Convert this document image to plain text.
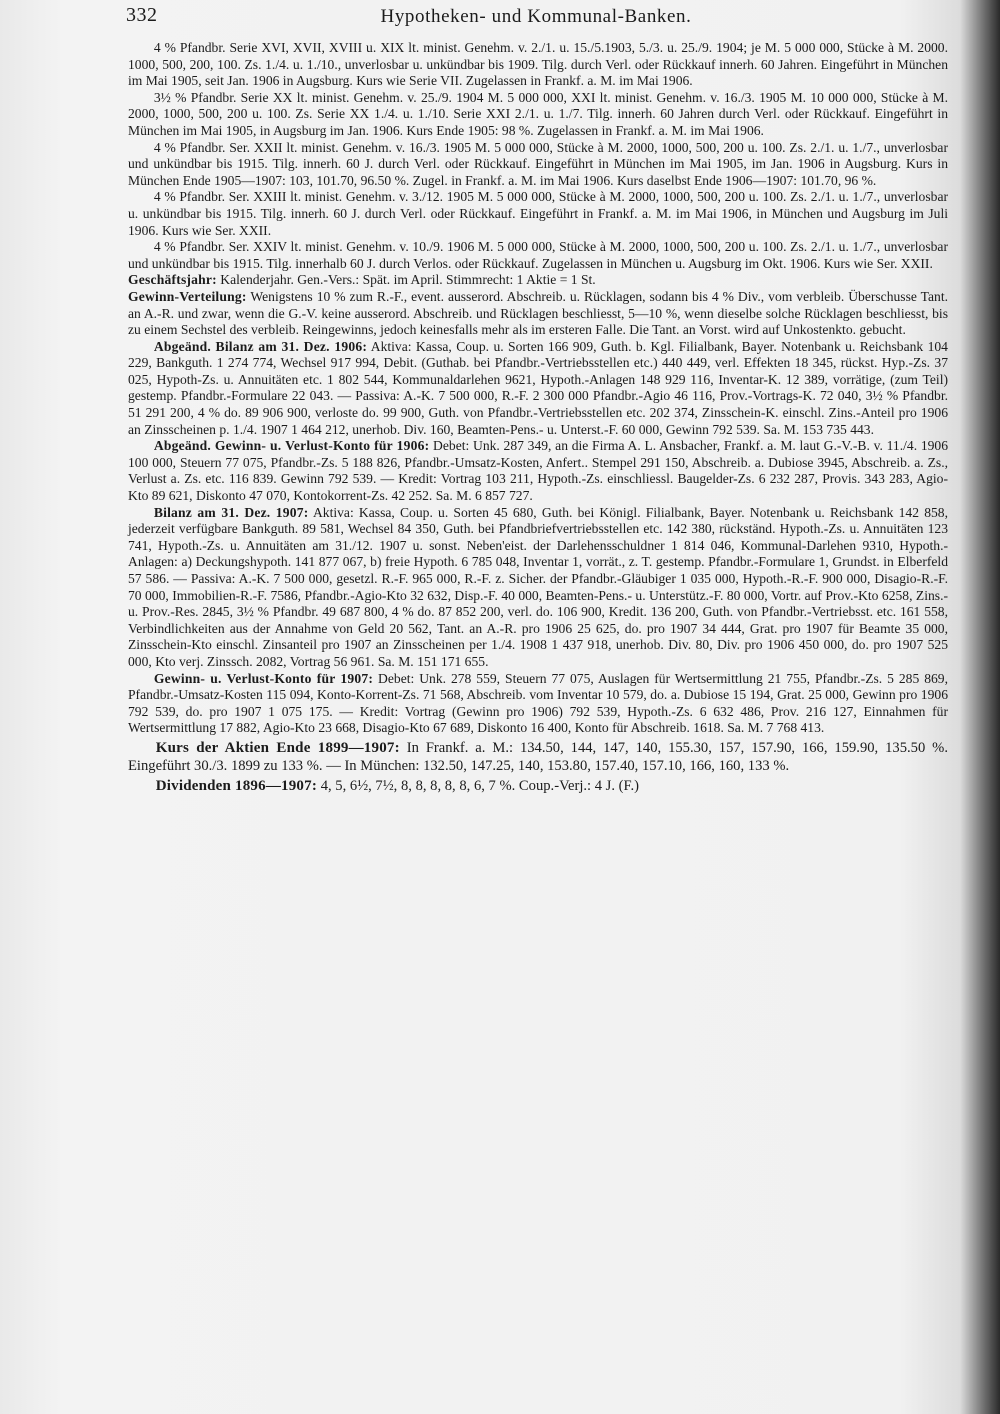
332	Hypotheken- und Kommunal-Banken.

4 % Pfandbr. Serie XVI, XVII, XVIII u. XIX lt. minist. Genehm. v. 2./1. u. 15./5.1903, 5./3. u. 25./9. 1904; je M. 5 000 000, Stücke à M. 2000. 1000, 500, 200, 100. Zs. 1./4. u. 1./10., unverlosbar u. unkündbar bis 1909. Tilg. durch Verl. oder Rückkauf innerh. 60 Jahren. Eingeführt in München im Mai 1905, seit Jan. 1906 in Augsburg. Kurs wie Serie VII. Zugelassen in Frankf. a. M. im Mai 1906.

3½ % Pfandbr. Serie XX lt. minist. Genehm. v. 25./9. 1904 M. 5 000 000, XXI lt. minist. Genehm. v. 16./3. 1905 M. 10 000 000, Stücke à M. 2000, 1000, 500, 200 u. 100. Zs. Serie XX 1./4. u. 1./10. Serie XXI 2./1. u. 1./7. Tilg. innerh. 60 Jahren durch Verl. oder Rückkauf. Eingeführt in München im Mai 1905, in Augsburg im Jan. 1906. Kurs Ende 1905: 98 %. Zugelassen in Frankf. a. M. im Mai 1906.

4 % Pfandbr. Ser. XXII lt. minist. Genehm. v. 16./3. 1905 M. 5 000 000, Stücke à M. 2000, 1000, 500, 200 u. 100. Zs. 2./1. u. 1./7., unverlosbar und unkündbar bis 1915. Tilg. innerh. 60 J. durch Verl. oder Rückkauf. Eingeführt in München im Mai 1905, im Jan. 1906 in Augsburg. Kurs in München Ende 1905—1907: 103, 101.70, 96.50 %. Zugel. in Frankf. a. M. im Mai 1906. Kurs daselbst Ende 1906—1907: 101.70, 96 %.

4 % Pfandbr. Ser. XXIII lt. minist. Genehm. v. 3./12. 1905 M. 5 000 000, Stücke à M. 2000, 1000, 500, 200 u. 100. Zs. 2./1. u. 1./7., unverlosbar u. unkündbar bis 1915. Tilg. innerh. 60 J. durch Verl. oder Rückkauf. Eingeführt in Frankf. a. M. im Mai 1906, in München und Augsburg im Juli 1906. Kurs wie Ser. XXII.

4 % Pfandbr. Ser. XXIV lt. minist. Genehm. v. 10./9. 1906 M. 5 000 000, Stücke à M. 2000, 1000, 500, 200 u. 100. Zs. 2./1. u. 1./7., unverlosbar und unkündbar bis 1915. Tilg. innerhalb 60 J. durch Verlos. oder Rückkauf. Zugelassen in München u. Augsburg im Okt. 1906. Kurs wie Ser. XXII.

Geschäftsjahr: Kalenderjahr. Gen.-Vers.: Spät. im April. Stimmrecht: 1 Aktie = 1 St.

Gewinn-Verteilung: Wenigstens 10 % zum R.-F., event. ausserord. Abschreib. u. Rücklagen, sodann bis 4 % Div., vom verbleib. Überschusse Tant. an A.-R. und zwar, wenn die G.-V. keine ausserord. Abschreib. und Rücklagen beschliesst, 5—10 %, wenn dieselbe solche Rücklagen beschliesst, bis zu einem Sechstel des verbleib. Reingewinns, jedoch keinesfalls mehr als im ersteren Falle. Die Tant. an Vorst. wird auf Unkostenkto. gebucht.

Abgeänd. Bilanz am 31. Dez. 1906: Aktiva: Kassa, Coup. u. Sorten 166 909, Guth. b. Kgl. Filialbank, Bayer. Notenbank u. Reichsbank 104 229, Bankguth. 1 274 774, Wechsel 917 994, Debit. (Guthab. bei Pfandbr.-Vertriebsstellen etc.) 440 449, verl. Effekten 18 345, rückst. Hyp.-Zs. 37 025, Hypoth-Zs. u. Annuitäten etc. 1 802 544, Kommunaldarlehen 9621, Hypoth.-Anlagen 148 929 116, Inventar-K. 12 389, vorrätige, (zum Teil) gestemp. Pfandbr.-Formulare 22 043. — Passiva: A.-K. 7 500 000, R.-F. 2 300 000 Pfandbr.-Agio 46 116, Prov.-Vortrags-K. 72 040, 3½ % Pfandbr. 51 291 200, 4 % do. 89 906 900, verloste do. 99 900, Guth. von Pfandbr.-Vertriebsstellen etc. 202 374, Zinsschein-K. einschl. Zins.-Anteil pro 1906 an Zinsscheinen p. 1./4. 1907 1 464 212, unerhob. Div. 160, Beamten-Pens.- u. Unterst.-F. 60 000, Gewinn 792 539. Sa. M. 153 735 443.

Abgeänd. Gewinn- u. Verlust-Konto für 1906: Debet: Unk. 287 349, an die Firma A. L. Ansbacher, Frankf. a. M. laut G.-V.-B. v. 11./4. 1906 100 000, Steuern 77 075, Pfandbr.-Zs. 5 188 826, Pfandbr.-Umsatz-Kosten, Anfert.. Stempel 291 150, Abschreib. a. Dubiose 3945, Abschreib. a. Zs., Verlust a. Zs. etc. 116 839. Gewinn 792 539. — Kredit: Vortrag 103 211, Hypoth.-Zs. einschliessl. Baugelder-Zs. 6 232 287, Provis. 343 283, Agio-Kto 89 621, Diskonto 47 070, Kontokorrent-Zs. 42 252. Sa. M. 6 857 727.

Bilanz am 31. Dez. 1907: Aktiva: Kassa, Coup. u. Sorten 45 680, Guth. bei Königl. Filialbank, Bayer. Notenbank u. Reichsbank 142 858, jederzeit verfügbare Bankguth. 89 581, Wechsel 84 350, Guth. bei Pfandbriefvertriebsstellen etc. 142 380, rückständ. Hypoth.-Zs. u. Annuitäten 123 741, Hypoth.-Zs. u. Annuitäten am 31./12. 1907 u. sonst. Neben'eist. der Darlehensschuldner 1 814 046, Kommunal-Darlehen 9310, Hypoth.-Anlagen: a) Deckungshypoth. 141 877 067, b) freie Hypoth. 6 785 048, Inventar 1, vorrät., z. T. gestemp. Pfandbr.-Formulare 1, Grundst. in Elberfeld 57 586. — Passiva: A.-K. 7 500 000, gesetzl. R.-F. 965 000, R.-F. z. Sicher. der Pfandbr.-Gläubiger 1 035 000, Hypoth.-R.-F. 900 000, Disagio-R.-F. 70 000, Immobilien-R.-F. 7586, Pfandbr.-Agio-Kto 32 632, Disp.-F. 40 000, Beamten-Pens.- u. Unterstütz.-F. 80 000, Vortr. auf Prov.-Kto 6258, Zins.- u. Prov.-Res. 2845, 3½ % Pfandbr. 49 687 800, 4 % do. 87 852 200, verl. do. 106 900, Kredit. 136 200, Guth. von Pfandbr.-Vertriebsst. etc. 161 558, Verbindlichkeiten aus der Annahme von Geld 20 562, Tant. an A.-R. pro 1906 25 625, do. pro 1907 34 444, Grat. pro 1907 für Beamte 35 000, Zinsschein-Kto einschl. Zinsanteil pro 1907 an Zinsscheinen per 1./4. 1908 1 437 918, unerhob. Div. 80, Div. pro 1906 450 000, do. pro 1907 525 000, Kto verj. Zinssch. 2082, Vortrag 56 961. Sa. M. 151 171 655.

Gewinn- u. Verlust-Konto für 1907: Debet: Unk. 278 559, Steuern 77 075, Auslagen für Wertsermittlung 21 755, Pfandbr.-Zs. 5 285 869, Pfandbr.-Umsatz-Kosten 115 094, Konto-Korrent-Zs. 71 568, Abschreib. vom Inventar 10 579, do. a. Dubiose 15 194, Grat. 25 000, Gewinn pro 1906 792 539, do. pro 1907 1 075 175. — Kredit: Vortrag (Gewinn pro 1906) 792 539, Hypoth.-Zs. 6 632 486, Prov. 216 127, Einnahmen für Wertsermittlung 17 882, Agio-Kto 23 668, Disagio-Kto 67 689, Diskonto 16 400, Konto für Abschreib. 1618. Sa. M. 7 768 413.

Kurs der Aktien Ende 1899—1907: In Frankf. a. M.: 134.50, 144, 147, 140, 155.30, 157, 157.90, 166, 159.90, 135.50 %. Eingeführt 30./3. 1899 zu 133 %. — In München: 132.50, 147.25, 140, 153.80, 157.40, 157.10, 166, 160, 133 %.

Dividenden 1896—1907: 4, 5, 6½, 7½, 8, 8, 8, 8, 8, 6, 7 %. Coup.-Verj.: 4 J. (F.)
